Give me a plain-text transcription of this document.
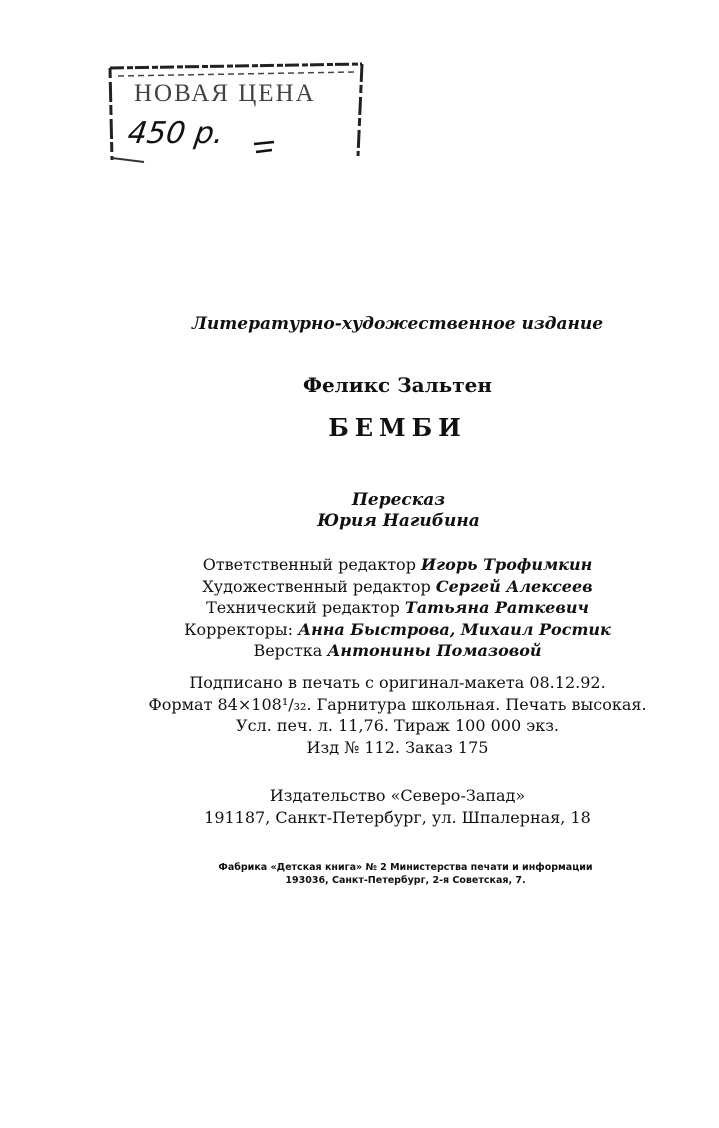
НОВАЯ ЦЕНА
450 р.
Литературно-художественное издание
Феликс Зальтен
БЕМБИ
Пересказ
Юрия Нагибина
Ответственный редактор Игорь Трофимкин
Художественный редактор Сергей Алексеев
Технический редактор Татьяна Раткевич
Корректоры: Анна Быстрова, Михаил Ростик
Верстка Антонины Помазовой
Подписано в печать с оригинал-макета 08.12.92.
Формат 84×108¹/₃₂. Гарнитура школьная. Печать высокая.
Усл. печ. л. 11,76. Тираж 100 000 экз.
Изд № 112. Заказ 175
Издательство «Северо-Запад»
191187, Санкт-Петербург, ул. Шпалерная, 18
Фабрика «Детская книга» № 2 Министерства печати и информации
193036, Санкт-Петербург, 2-я Советская, 7.
